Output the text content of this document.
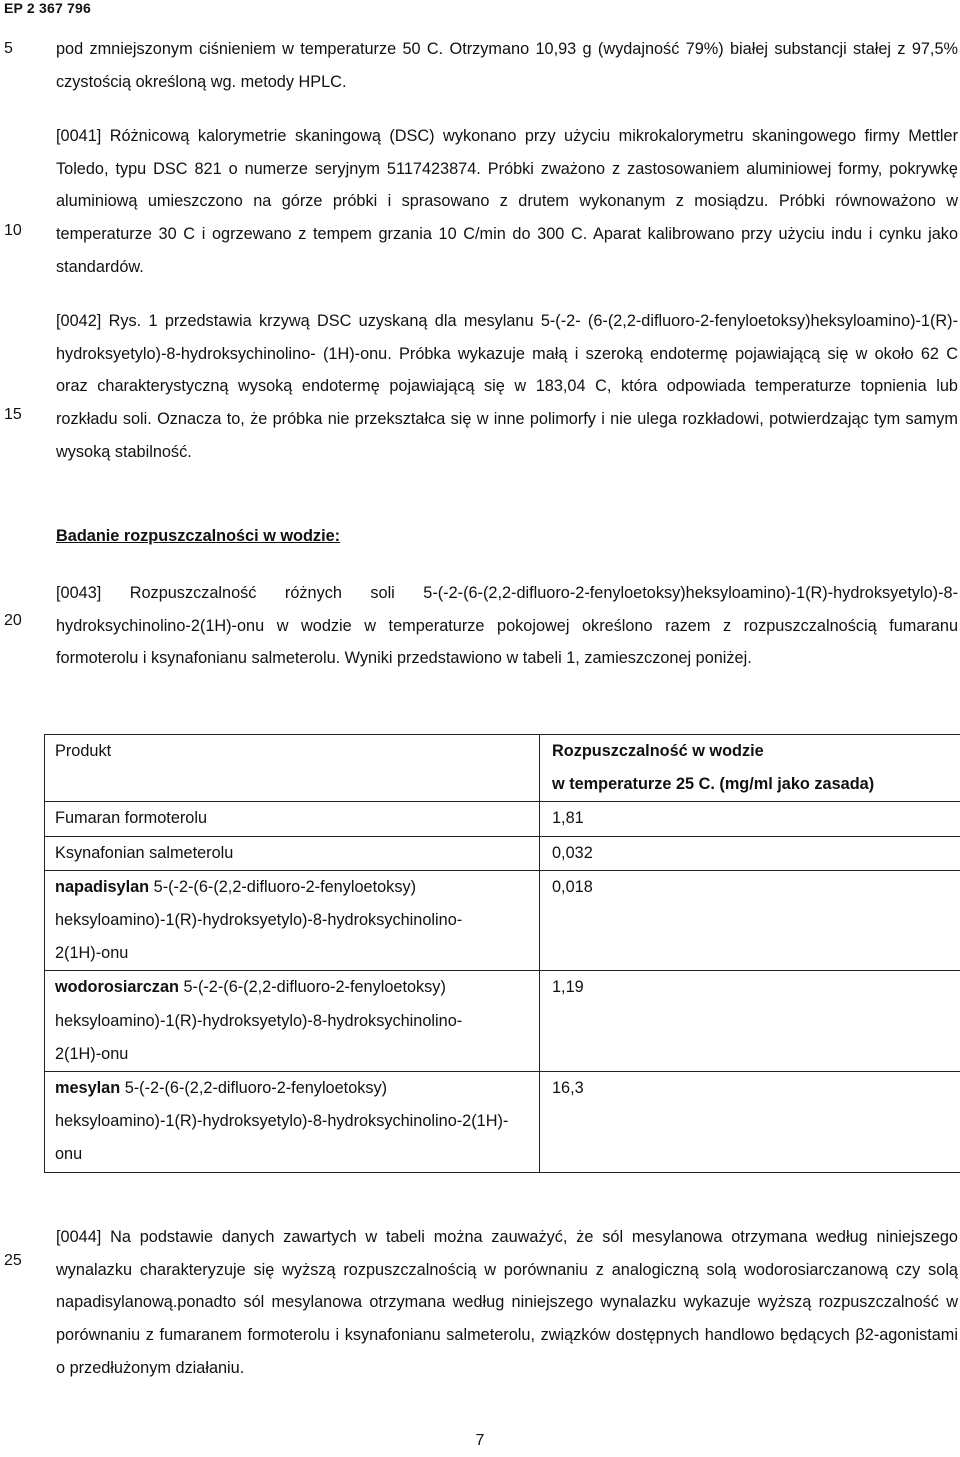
EP 2 367 796
5
10
15
20
25
pod zmniejszonym ciśnieniem w temperaturze 50 C. Otrzymano 10,93 g (wydajność 79%) białej substancji stałej z 97,5% czystością określoną wg. metody HPLC.
[0041] Różnicową kalorymetrie skaningową (DSC) wykonano przy użyciu mikrokalorymetru skaningowego firmy Mettler Toledo, typu DSC 821 o numerze seryjnym 5117423874. Próbki zważono z zastosowaniem aluminiowej formy, pokrywkę aluminiową umieszczono na górze próbki i sprasowano z drutem wykonanym z mosiądzu. Próbki równoważono w temperaturze 30 C i ogrzewano z tempem grzania 10 C/min do 300 C. Aparat kalibrowano przy użyciu indu i cynku jako standardów.
[0042] Rys. 1 przedstawia krzywą DSC uzyskaną dla mesylanu 5-(-2- (6-(2,2-difluoro-2-fenyloetoksy)heksyloamino)-1(R)-hydroksyetylo)-8-hydroksychinolino- (1H)-onu. Próbka wykazuje małą i szeroką endotermę pojawiającą się w około 62 C oraz charakterystyczną wysoką endotermę pojawiającą się w 183,04 C, która odpowiada temperaturze topnienia lub rozkładu soli. Oznacza to, że próbka nie przekształca się w inne polimorfy i nie ulega rozkładowi, potwierdzając tym samym wysoką stabilność.
Badanie rozpuszczalności w wodzie:
[0043] Rozpuszczalność różnych soli 5-(-2-(6-(2,2-difluoro-2-fenyloetoksy)heksyloamino)-1(R)-hydroksyetylo)-8-hydroksychinolino-2(1H)-onu w wodzie w temperaturze pokojowej określono razem z rozpuszczalnością fumaranu formoterolu i ksynafonianu salmeterolu. Wyniki przedstawiono w tabeli 1, zamieszczonej poniżej.
Produkt	Rozpuszczalność w wodzie
w temperaturze 25 C. (mg/ml jako zasada)
Fumaran formoterolu	1,81
Ksynafonian salmeterolu	0,032
napadisylan 5-(-2-(6-(2,2-difluoro-2-fenyloetoksy) heksyloamino)-1(R)-hydroksyetylo)-8-hydroksychinolino-2(1H)-onu	0,018
wodorosiarczan 5-(-2-(6-(2,2-difluoro-2-fenyloetoksy) heksyloamino)-1(R)-hydroksyetylo)-8-hydroksychinolino-2(1H)-onu	1,19
mesylan 5-(-2-(6-(2,2-difluoro-2-fenyloetoksy) heksyloamino)-1(R)-hydroksyetylo)-8-hydroksychinolino-2(1H)-onu	16,3
[0044] Na podstawie danych zawartych w tabeli można zauważyć, że sól mesylanowa otrzymana według niniejszego wynalazku charakteryzuje się wyższą rozpuszczalnością w porównaniu z analogiczną solą wodorosiarczanową czy solą napadisylanową.ponadto sól mesylanowa otrzymana według niniejszego wynalazku wykazuje wyższą rozpuszczalność w porównaniu z fumaranem formoterolu i ksynafonianu salmeterolu, związków dostępnych handlowo będących β2-agonistami o przedłużonym działaniu.
7
